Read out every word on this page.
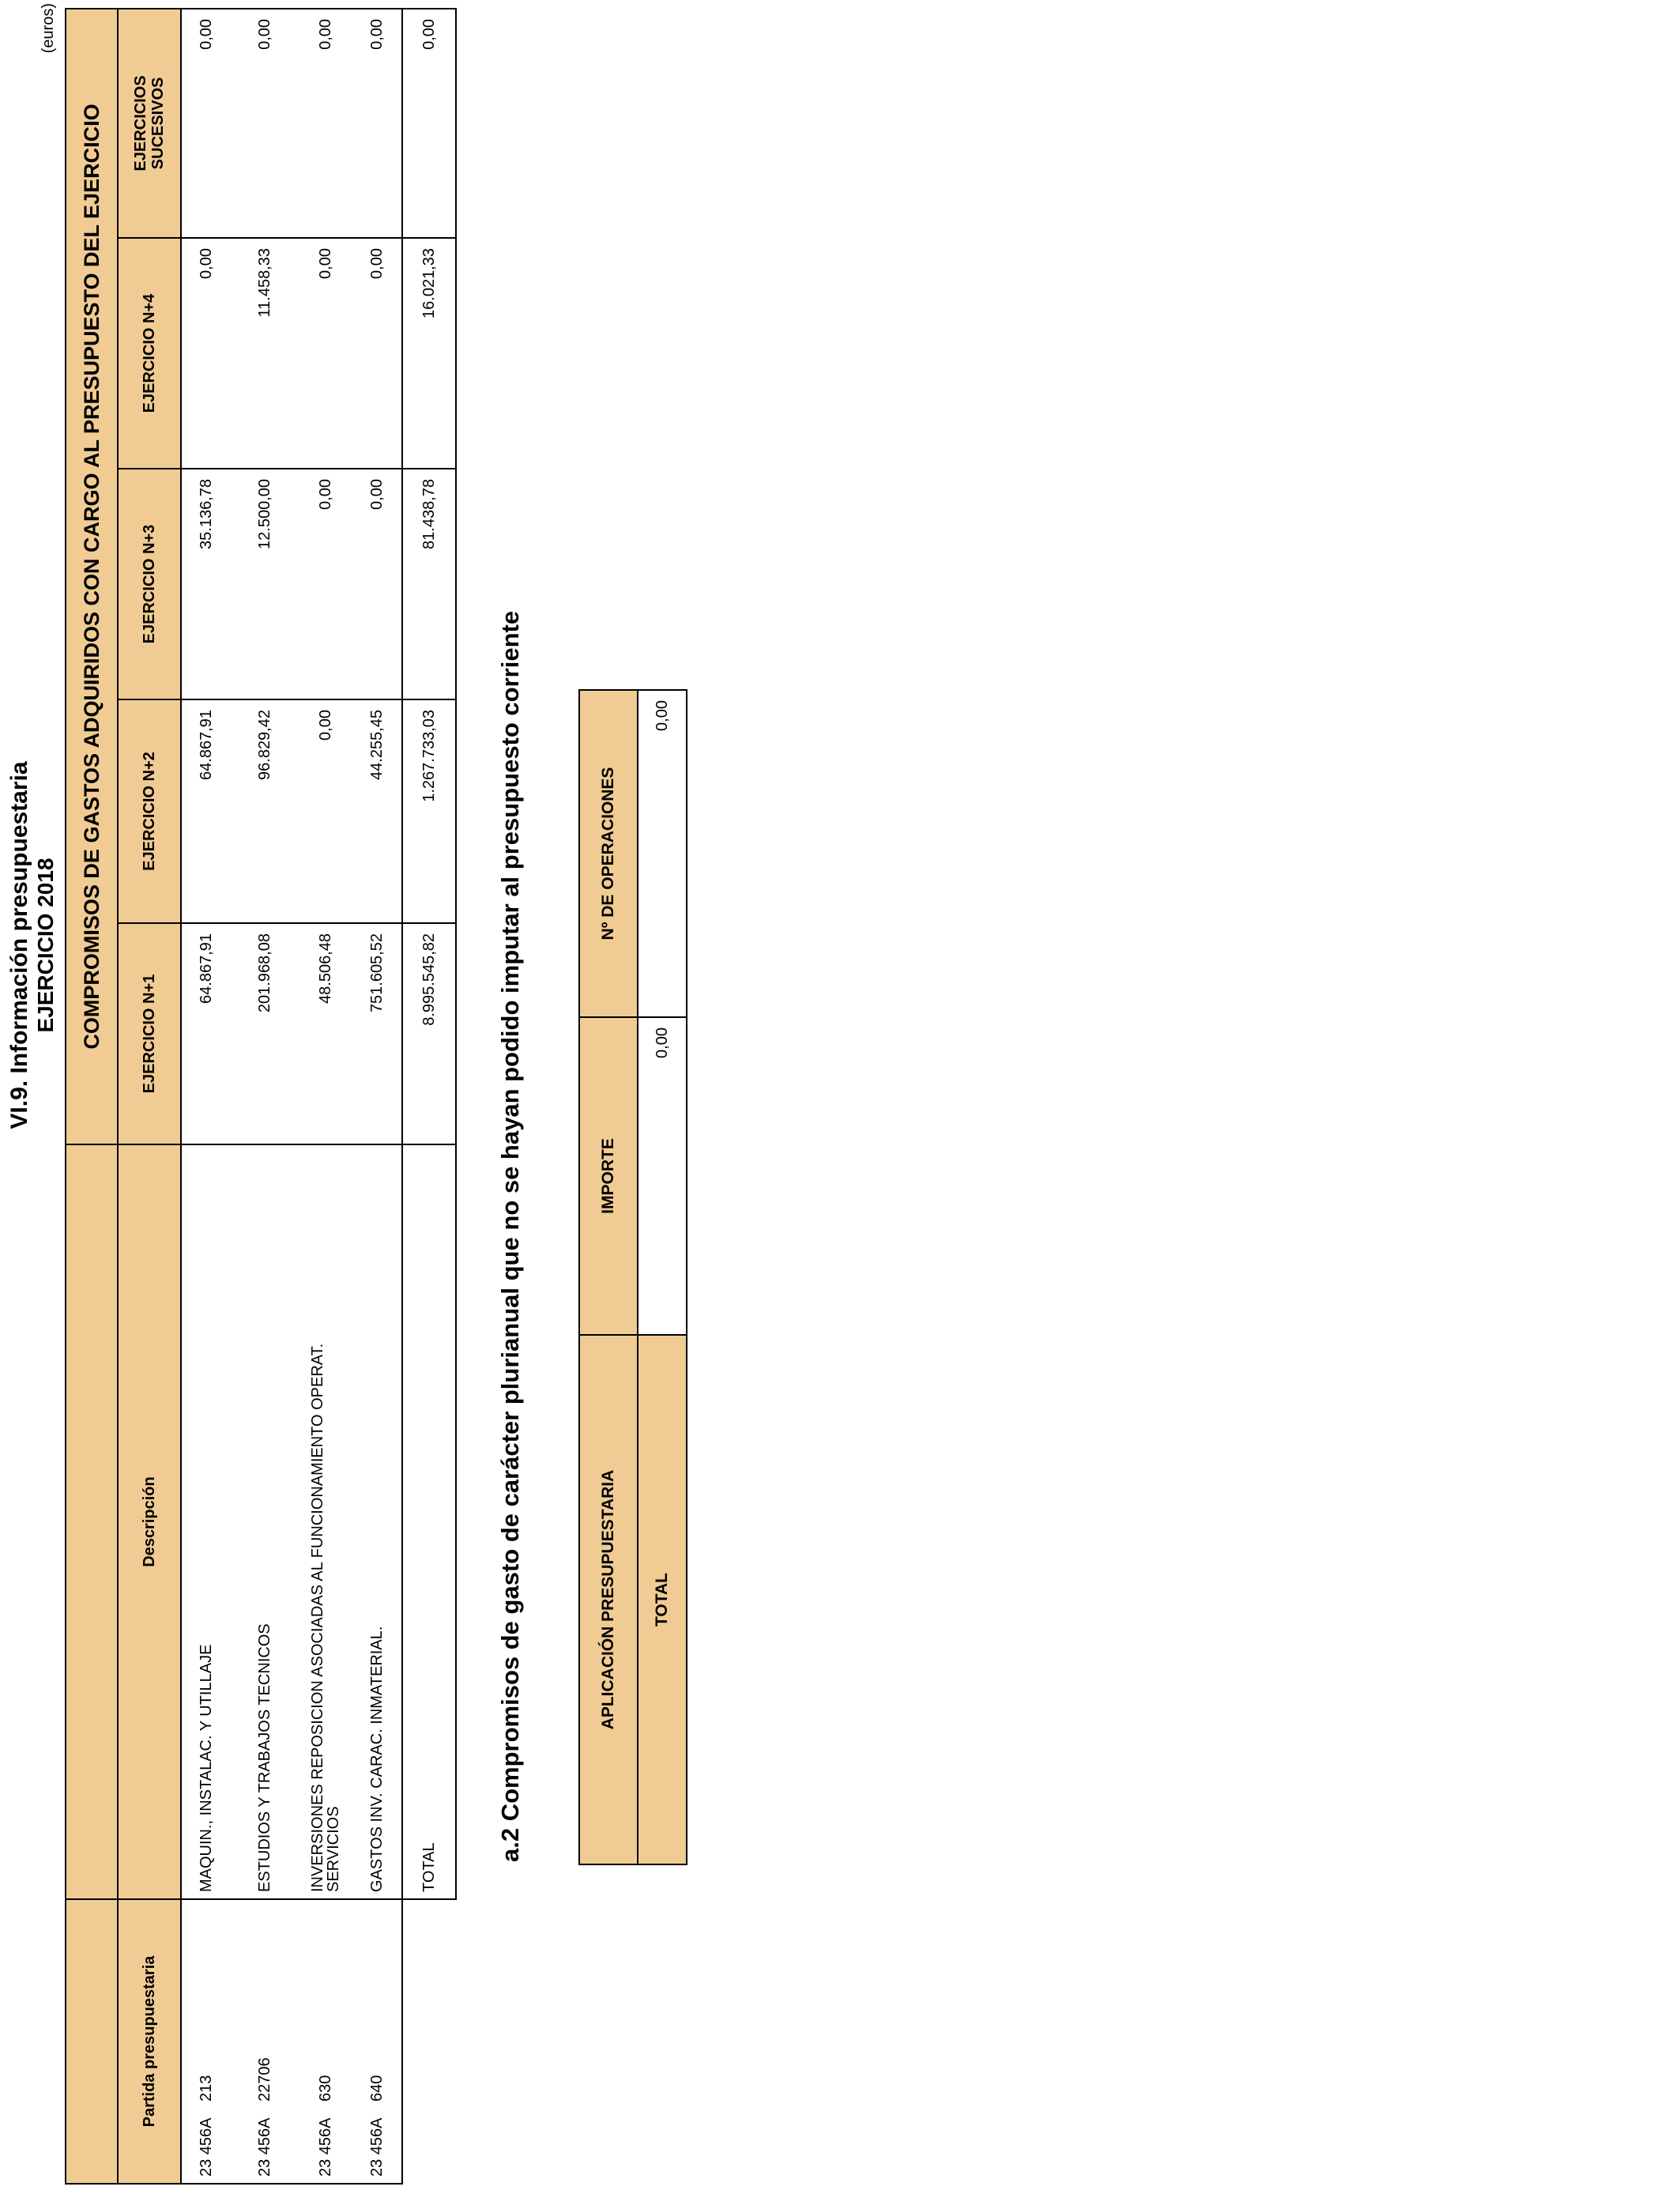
VI.9. Información presupuestaria EJERCICIO 2018
(euros)
		COMPROMISOS DE GASTOS ADQUIRIDOS CON CARGO AL PRESUPUESTO DEL EJERCICIO				
Partida presupuestaria	Descripción	EJERCICIO N+1	EJERCICIO N+2	EJERCICIO N+3	EJERCICIO N+4	EJERCICIOS SUCESIVOS

23 456A213	MAQUIN., INSTALAC. Y UTILLAJE	64.867,91	64.867,91	35.136,78	0,00	0,00
23 456A22706	ESTUDIOS Y TRABAJOS TECNICOS	201.968,08	96.829,42	12.500,00	11.458,33	0,00
23 456A630	INVERSIONES REPOSICION ASOCIADAS AL FUNCIONAMIENTO OPERAT.
SERVICIOS	48.506,48	0,00	0,00	0,00	0,00
23 456A640	GASTOS INV. CARAC. INMATERIAL.	751.605,52	44.255,45	0,00	0,00	0,00
	TOTAL	8.995.545,82	1.267.733,03	81.438,78	16.021,33	0,00
a.2 Compromisos de gasto de carácter plurianual que no se hayan podido imputar al presupuesto corriente	APLICACIÓN PRESUPUESTARIA	IMPORTE	Nº DE OPERACIONES
TOTAL	0,00	0,00
